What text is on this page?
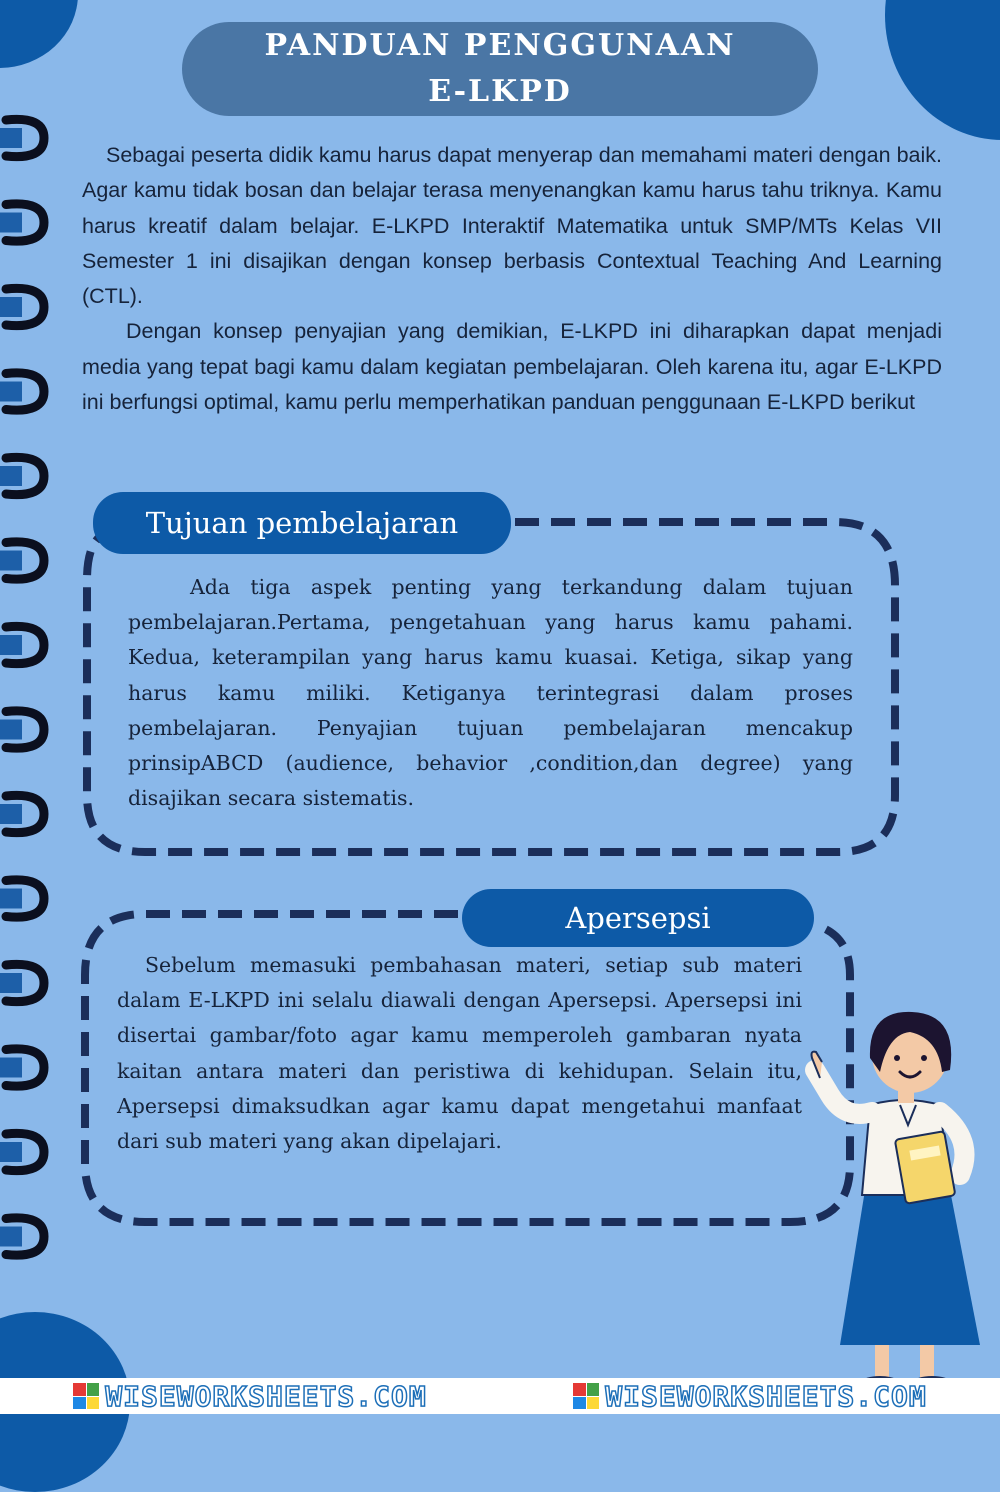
PANDUAN PENGGUNAAN
E-LKPD

Sebagai peserta didik kamu harus dapat menyerap dan memahami materi dengan baik. Agar kamu tidak bosan dan belajar terasa menyenangkan kamu harus tahu triknya. Kamu harus kreatif dalam belajar. E-LKPD Interaktif Matematika untuk SMP/MTs Kelas VII Semester 1 ini disajikan dengan konsep berbasis Contextual Teaching And Learning (CTL).

Dengan konsep penyajian yang demikian, E-LKPD ini diharapkan dapat menjadi media yang tepat bagi kamu dalam kegiatan pembelajaran. Oleh karena itu, agar E-LKPD ini berfungsi optimal, kamu perlu memperhatikan panduan penggunaan E-LKPD berikut

Tujuan pembelajaran

Ada tiga aspek penting yang terkandung dalam tujuan pembelajaran.Pertama, pengetahuan yang harus kamu pahami. Kedua, keterampilan yang harus kamu kuasai. Ketiga, sikap yang harus kamu miliki. Ketiganya terintegrasi dalam proses pembelajaran. Penyajian tujuan pembelajaran mencakup prinsipABCD (audience, behavior ,condition,dan degree) yang disajikan secara sistematis.

Apersepsi

Sebelum memasuki pembahasan materi, setiap sub materi dalam E-LKPD ini selalu diawali dengan Apersepsi. Apersepsi ini disertai gambar/foto agar kamu memperoleh gambaran nyata kaitan antara materi dan peristiwa di kehidupan. Selain itu, Apersepsi dimaksudkan agar kamu dapat mengetahui manfaat dari sub materi yang akan dipelajari.

WISEWORKSHEETS.COM	WISEWORKSHEETS.COM
